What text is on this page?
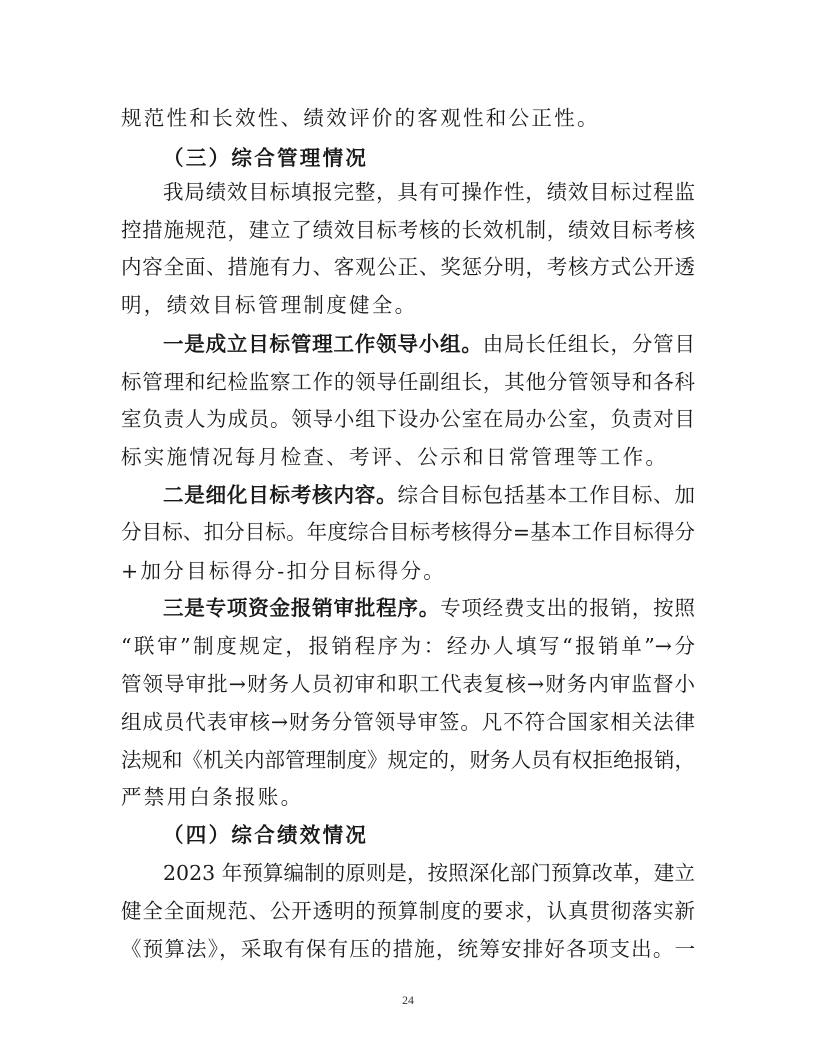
规范性和长效性、绩效评价的客观性和公正性。
（三）综合管理情况
我局绩效目标填报完整，具有可操作性，绩效目标过程监
控措施规范，建立了绩效目标考核的长效机制，绩效目标考核
内容全面、措施有力、客观公正、奖惩分明，考核方式公开透
明，绩效目标管理制度健全。
一是成立目标管理工作领导小组。由局长任组长，分管目
标管理和纪检监察工作的领导任副组长，其他分管领导和各科
室负责人为成员。领导小组下设办公室在局办公室，负责对目
标实施情况每月检查、考评、公示和日常管理等工作。
二是细化目标考核内容。综合目标包括基本工作目标、加
分目标、扣分目标。年度综合目标考核得分=基本工作目标得分
+加分目标得分-扣分目标得分。
三是专项资金报销审批程序。专项经费支出的报销，按照
“联审”制度规定，报销程序为：经办人填写“报销单”→分
管领导审批→财务人员初审和职工代表复核→财务内审监督小
组成员代表审核→财务分管领导审签。凡不符合国家相关法律
法规和《机关内部管理制度》规定的，财务人员有权拒绝报销，
严禁用白条报账。
（四）综合绩效情况
2023 年预算编制的原则是，按照深化部门预算改革，建立
健全全面规范、公开透明的预算制度的要求，认真贯彻落实新
《预算法》，采取有保有压的措施，统筹安排好各项支出。一
24
